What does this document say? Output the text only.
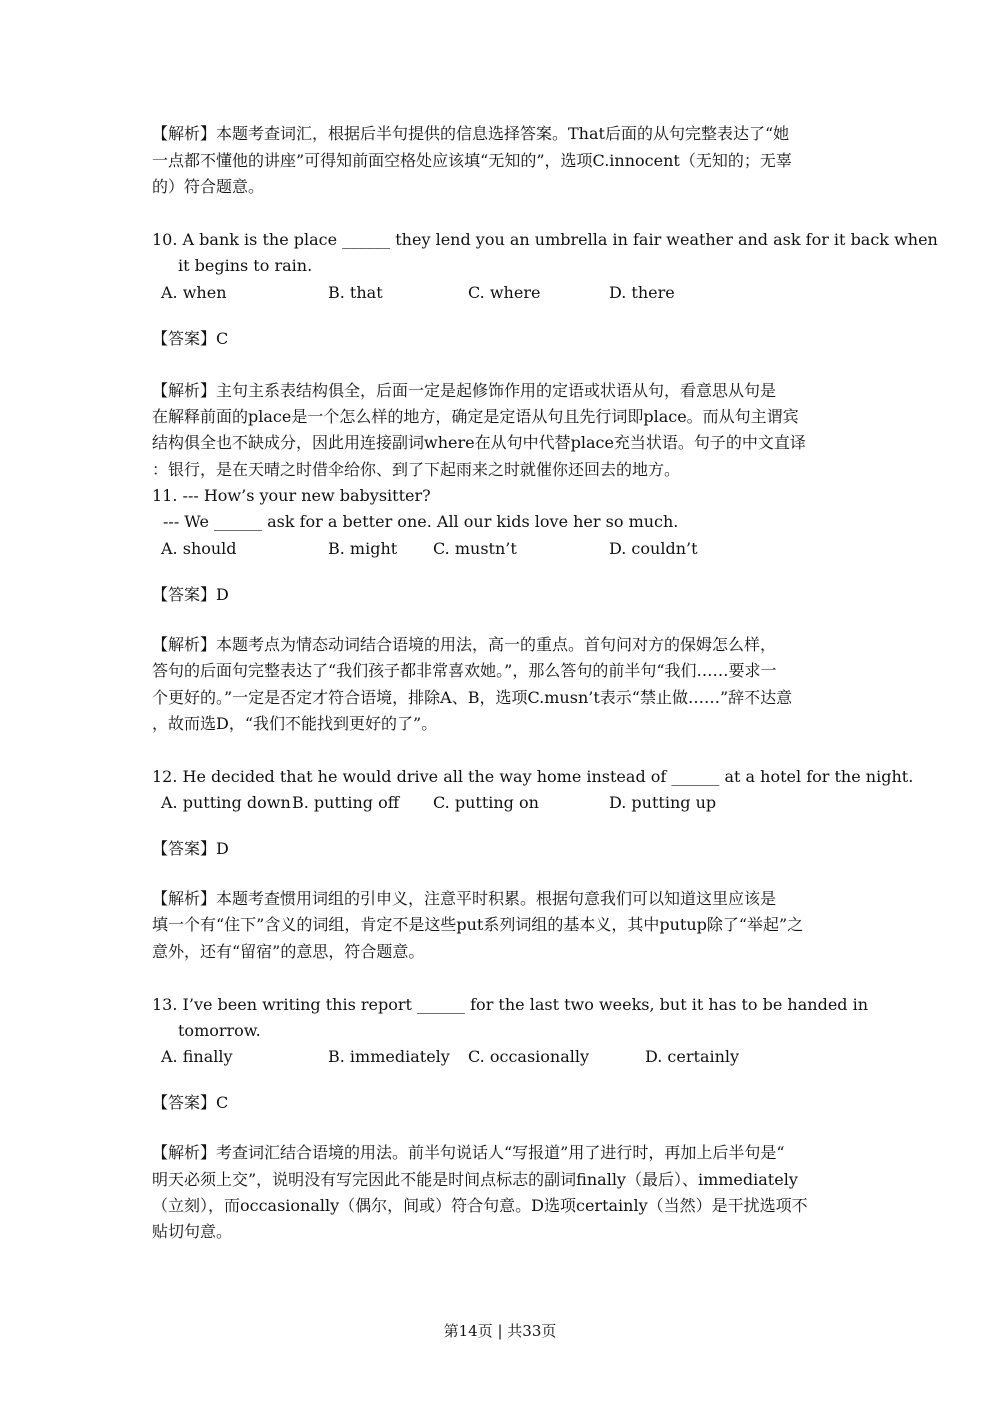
【解析】本题考查词汇，根据后半句提供的信息选择答案。That后面的从句完整表达了“她
一点都不懂他的讲座”可得知前面空格处应该填“无知的”，选项C.innocent（无知的；无辜
的）符合题意。
10. A bank is the place ______ they lend you an umbrella in fair weather and ask for it back when
it begins to rain.
A. when	B. that	C. where	D. there
【答案】C
【解析】主句主系表结构俱全，后面一定是起修饰作用的定语或状语从句，看意思从句是
在解释前面的place是一个怎么样的地方，确定是定语从句且先行词即place。而从句主谓宾
结构俱全也不缺成分，因此用连接副词where在从句中代替place充当状语。句子的中文直译
：银行，是在天晴之时借伞给你、到了下起雨来之时就催你还回去的地方。
11. --- How’s your new babysitter?
--- We ______ ask for a better one. All our kids love her so much.
A. should	B. might C. mustn’t	D. couldn’t
【答案】D
【解析】本题考点为情态动词结合语境的用法，高一的重点。首句问对方的保姆怎么样，
答句的后面句完整表达了“我们孩子都非常喜欢她。”，那么答句的前半句“我们……要求一
个更好的。”一定是否定才符合语境，排除A、B，选项C.musn’t表示“禁止做……”辞不达意
，故而选D，“我们不能找到更好的了”。
12. He decided that he would drive all the way home instead of ______ at a hotel for the night.
A. putting down B. putting off C. putting on	D. putting up
【答案】D
【解析】本题考查惯用词组的引申义，注意平时积累。根据句意我们可以知道这里应该是
填一个有“住下”含义的词组，肯定不是这些put系列词组的基本义，其中putup除了“举起”之
意外，还有“留宿”的意思，符合题意。
13. I’ve been writing this report ______ for the last two weeks, but it has to be handed in
tomorrow.
A. finally	B. immediately C. occasionally	D. certainly
【答案】C
【解析】考查词汇结合语境的用法。前半句说话人“写报道”用了进行时，再加上后半句是“
明天必须上交”，说明没有写完因此不能是时间点标志的副词finally（最后）、immediately
（立刻），而occasionally（偶尔，间或）符合句意。D选项certainly（当然）是干扰选项不
贴切句意。
第14页 | 共33页
